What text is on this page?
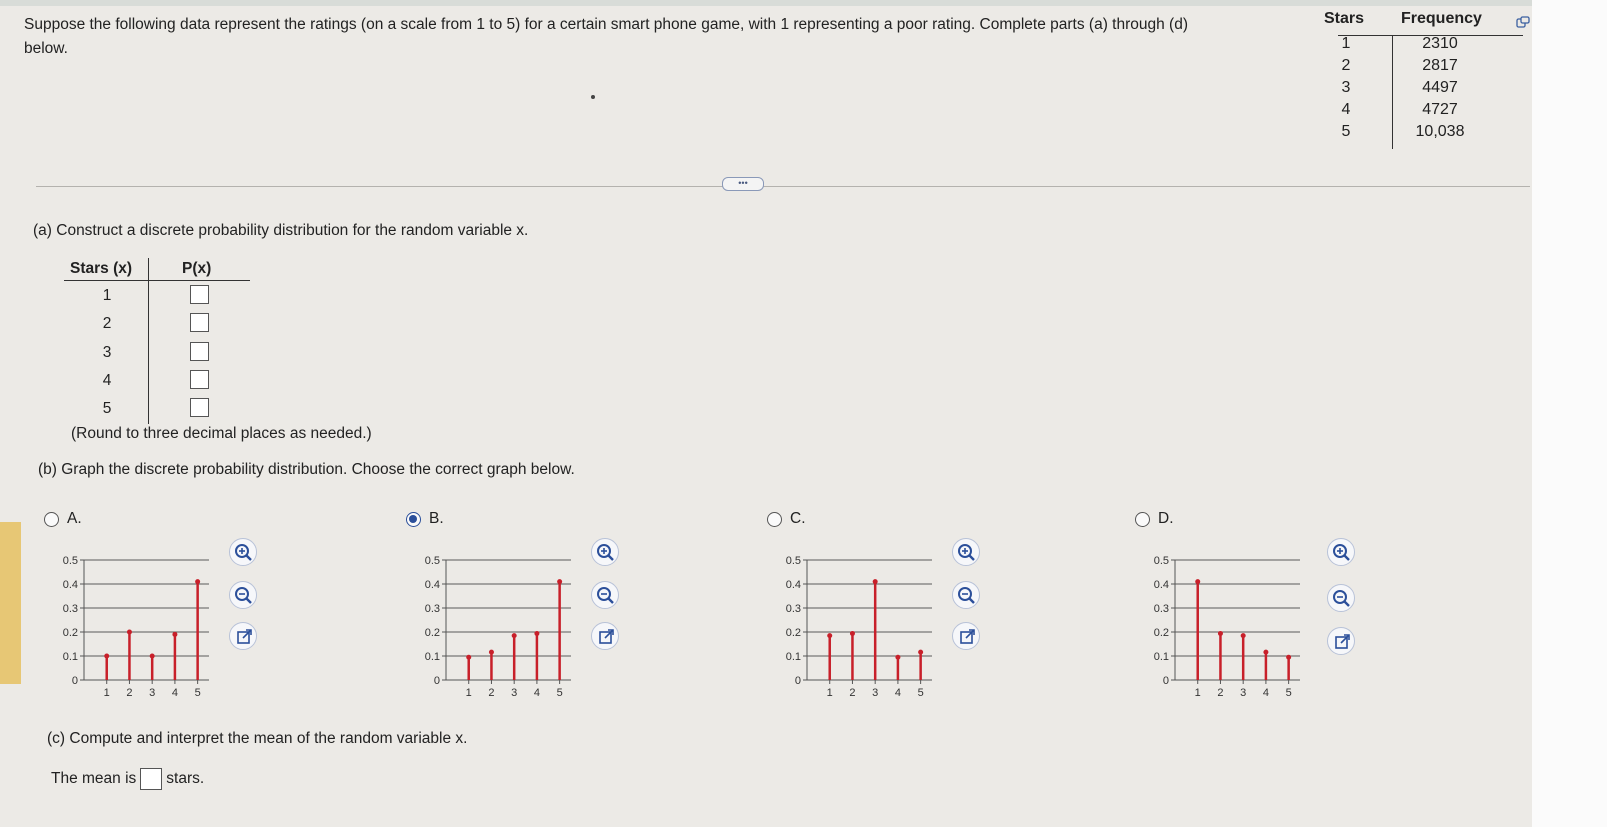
Suppose the following data represent the ratings (on a scale from 1 to 5) for a certain smart phone game, with 1 representing a poor rating. Complete parts (a) through (d) below.
Stars Frequency
1
2
3
4
5
2310
2817
4497
4727
10,038
•••
(a) Construct a discrete probability distribution for the random variable x.
Stars (x)	P(x)
1
2
3
4
5
(Round to three decimal places as needed.)
(b) Graph the discrete probability distribution. Choose the correct graph below.
A.
0
0.1
0.2
0.3
0.4
0.5
1 2 3 4 5
B.
0
0.1
0.2
0.3
0.4
0.5
1 2 3 4 5
C.
0
0.1
0.2
0.3
0.4
0.5
1 2 3 4 5
D.
0
0.1
0.2
0.3
0.4
0.5
1 2 3 4 5
(c) Compute and interpret the mean of the random variable x.
The mean is stars.
